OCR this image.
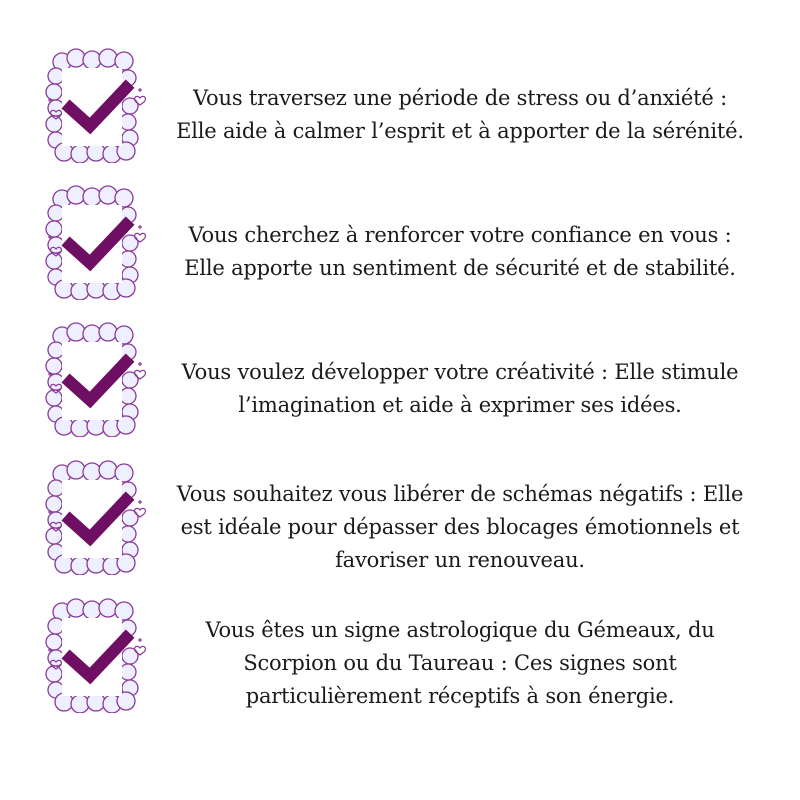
Vous traversez une période de stress ou d’anxiété :
Elle aide à calmer l’esprit et à apporter de la sérénité.
Vous cherchez à renforcer votre confiance en vous :
Elle apporte un sentiment de sécurité et de stabilité.
Vous voulez développer votre créativité : Elle stimule
l’imagination et aide à exprimer ses idées.
Vous souhaitez vous libérer de schémas négatifs : Elle
est idéale pour dépasser des blocages émotionnels et
favoriser un renouveau.
Vous êtes un signe astrologique du Gémeaux, du
Scorpion ou du Taureau : Ces signes sont
particulièrement réceptifs à son énergie.
